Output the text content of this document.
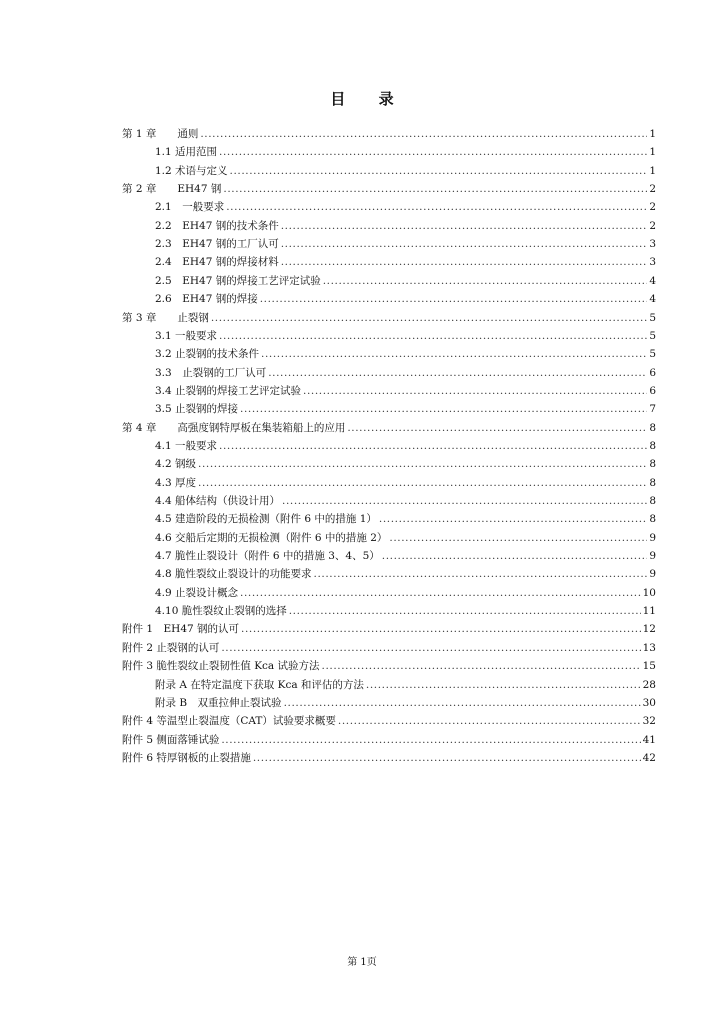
目 录
第 1 章　　通则 .....	1
1.1 适用范围 .....	1
1.2 术语与定义 .....	1
第 2 章　　EH47 钢 .....	2
2.1　一般要求 .....	2
2.2　EH47 钢的技术条件 .....	2
2.3　EH47 钢的工厂认可 .....	3
2.4　EH47 钢的焊接材料 .....	3
2.5　EH47 钢的焊接工艺评定试验 .....	4
2.6　EH47 钢的焊接 .....	4
第 3 章　　止裂钢 .....	5
3.1 一般要求 .....	5
3.2 止裂钢的技术条件 .....	5
3.3　止裂钢的工厂认可 .....	6
3.4 止裂钢的焊接工艺评定试验 .....	6
3.5 止裂钢的焊接 .....	7
第 4 章　　高强度钢特厚板在集装箱船上的应用 .....	8
4.1 一般要求 .....	8
4.2 钢级 .....	8
4.3 厚度 .....	8
4.4 船体结构（供设计用） .....	8
4.5 建造阶段的无损检测（附件 6 中的措施 1） .....	8
4.6 交船后定期的无损检测（附件 6 中的措施 2） .....	9
4.7 脆性止裂设计（附件 6 中的措施 3、4、5） .....	9
4.8 脆性裂纹止裂设计的功能要求 .....	9
4.9 止裂设计概念 .....	10
4.10 脆性裂纹止裂钢的选择 .....	11
附件 1　EH47 钢的认可 .....	12
附件 2 止裂钢的认可 .....	13
附件 3 脆性裂纹止裂韧性值 Kca 试验方法 .....	15
附录 A 在特定温度下获取 Kca 和评估的方法 .....	28
附录 B　双重拉伸止裂试验 .....	30
附件 4 等温型止裂温度（CAT）试验要求概要 .....	32
附件 5 侧面落锤试验 .....	41
附件 6 特厚钢板的止裂措施 .....	42
第 1页
